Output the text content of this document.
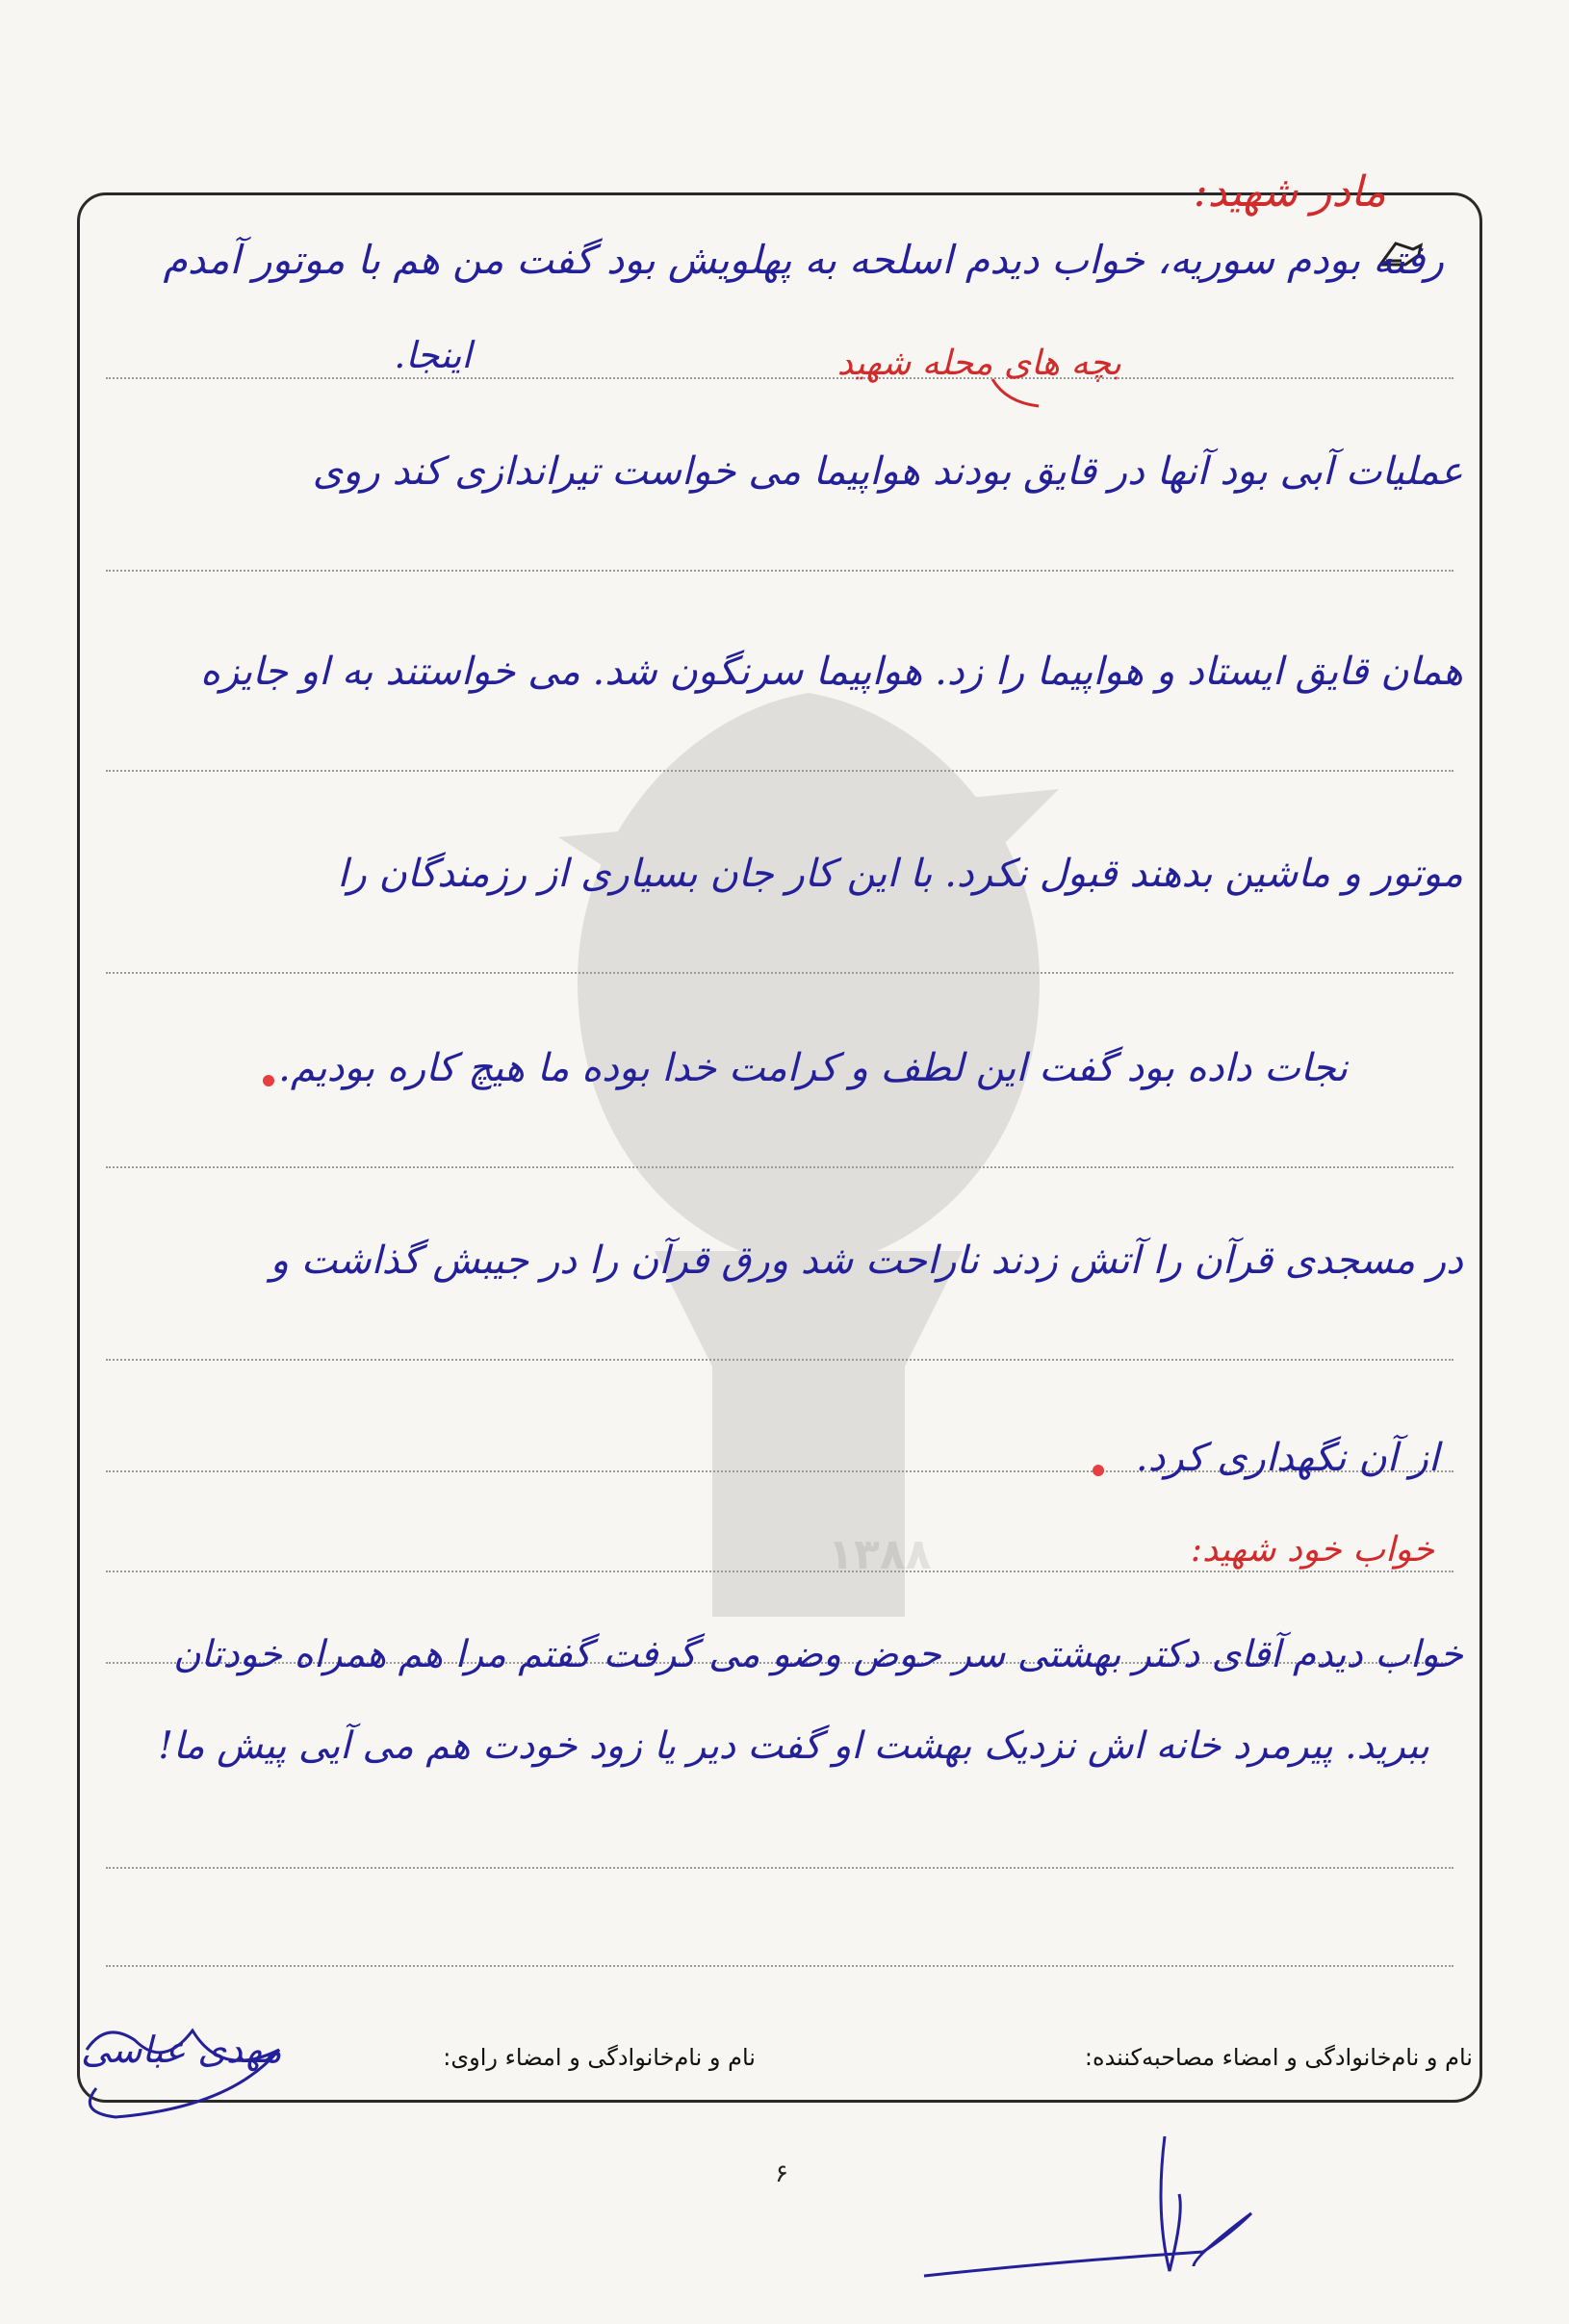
۱۳۸۸
مادر شهید:
رفته بودم سوریه، خواب دیدم اسلحه به پهلویش بود گفت من هم با موتور آمدم
اینجا.	بچه های محله شهید
عملیات آبی بود آنها در قایق بودند هواپیما می خواست تیراندازی کند روی
همان قایق ایستاد و هواپیما را زد. هواپیما سرنگون شد. می خواستند به او جایزه
موتور و ماشین بدهند قبول نکرد. با این کار جان بسیاری از رزمندگان را
نجات داده بود گفت این لطف و کرامت خدا بوده ما هیچ کاره بودیم.
در مسجدی قرآن را آتش زدند ناراحت شد ورق قرآن را در جیبش گذاشت و
از آن نگهداری کرد.
خواب خود شهید:
خواب دیدم آقای دکتر بهشتی سر حوض وضو می گرفت گفتم مرا هم همراه خودتان
ببرید. پیرمرد خانه اش نزدیک بهشت او گفت دیر یا زود خودت هم می آیی پیش ما!
نام و نام‌خانوادگی و امضاء مصاحبه‌کننده:
نام و نام‌خانوادگی و امضاء راوی:
مهدی عباسی
۶
